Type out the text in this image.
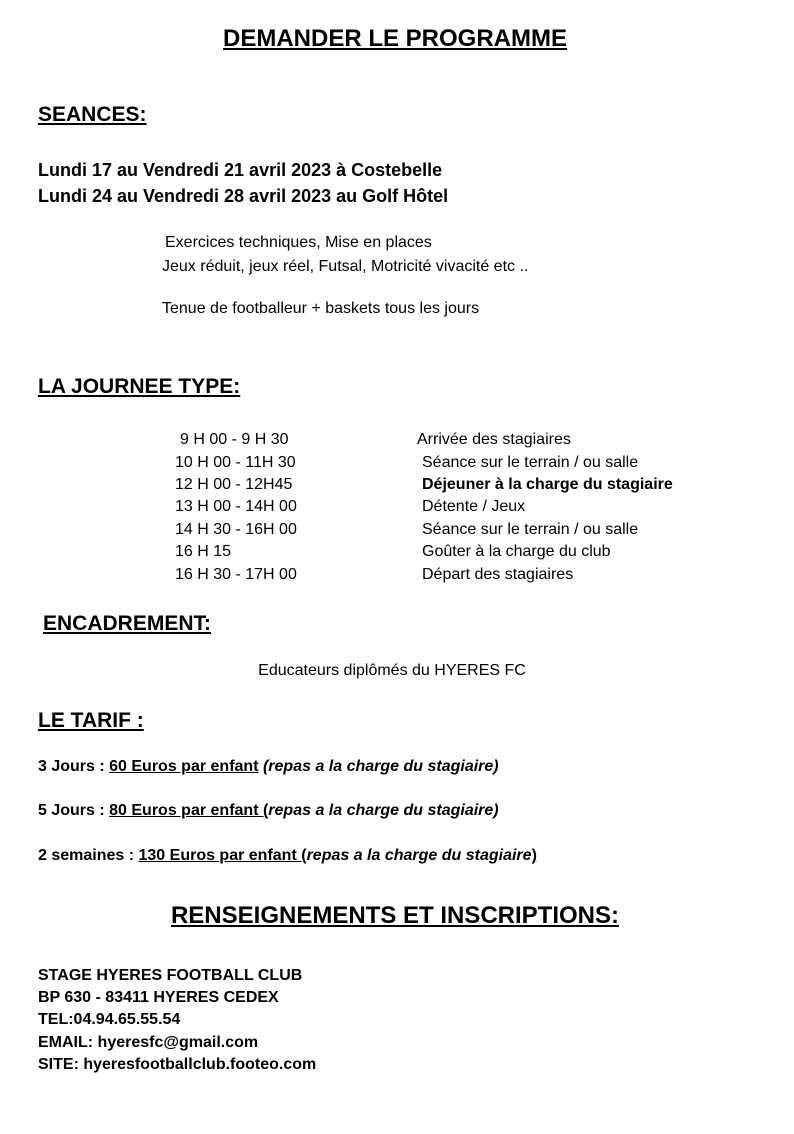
DEMANDER LE PROGRAMME
SEANCES:
Lundi 17 au Vendredi 21 avril 2023 à Costebelle
Lundi 24 au Vendredi 28 avril 2023 au Golf Hôtel
Exercices techniques, Mise en places
Jeux réduit, jeux réel, Futsal, Motricité vivacité etc ..
Tenue de footballeur + baskets tous les jours
LA JOURNEE TYPE:
9 H 00 - 9 H 30	Arrivée des stagiaires
10 H 00 - 11H 30	Séance sur le terrain / ou salle
12 H 00 - 12H45	Déjeuner à la charge du stagiaire
13 H 00 - 14H 00	Détente / Jeux
14 H 30 - 16H 00	Séance sur le terrain / ou salle
16 H 15	Goûter à la charge du club
16 H 30 - 17H 00	Départ des stagiaires
ENCADREMENT:
Educateurs diplômés du HYERES FC
LE TARIF :
3 Jours : 60 Euros par enfant (repas a la charge du stagiaire)
5 Jours : 80 Euros par enfant (repas a la charge du stagiaire)
2 semaines : 130 Euros par enfant (repas a la charge du stagiaire)
RENSEIGNEMENTS ET INSCRIPTIONS:
STAGE HYERES FOOTBALL CLUB
BP 630 - 83411 HYERES CEDEX
TEL:04.94.65.55.54
EMAIL: hyeresfc@gmail.com
SITE: hyeresfootballclub.footeo.com
